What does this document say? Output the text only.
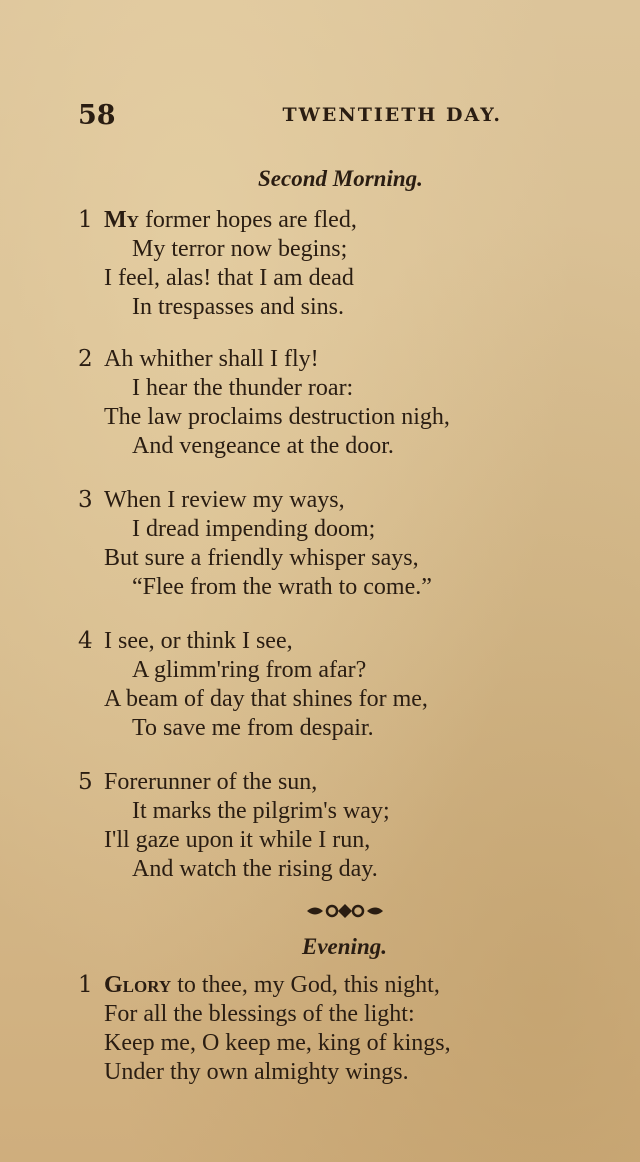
58	TWENTIETH DAY.
Second Morning.
1 My former hopes are fled,
My terror now begins;
I feel, alas! that I am dead
In trespasses and sins.
2 Ah whither shall I fly!
I hear the thunder roar:
The law proclaims destruction nigh,
And vengeance at the door.
3 When I review my ways,
I dread impending doom;
But sure a friendly whisper says,
“Flee from the wrath to come.”
4 I see, or think I see,
A glimm'ring from afar?
A beam of day that shines for me,
To save me from despair.
5 Forerunner of the sun,
It marks the pilgrim's way;
I'll gaze upon it while I run,
And watch the rising day.
Evening.
1 Glory to thee, my God, this night,
For all the blessings of the light:
Keep me, O keep me, king of kings,
Under thy own almighty wings.
